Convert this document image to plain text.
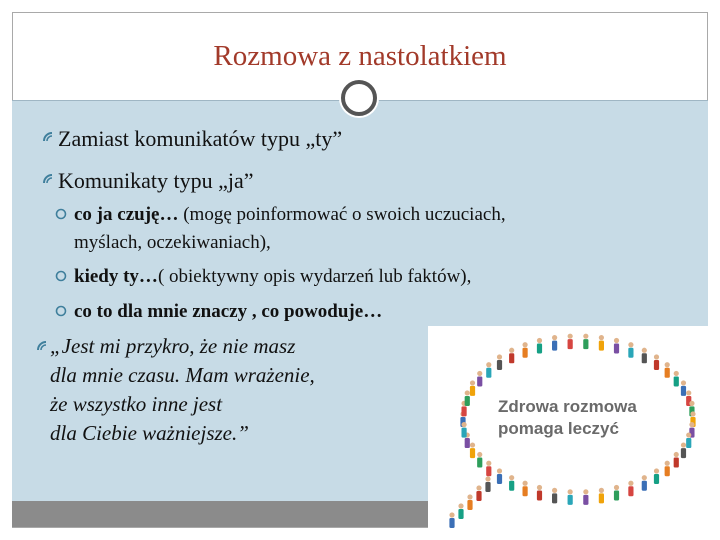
Rozmowa z nastolatkiem
Zamiast komunikatów typu „ty”
Komunikaty typu „ja”
co ja czuję… (mogę poinformować o swoich uczuciach,
myślach, oczekiwaniach),
kiedy ty…( obiektywny opis wydarzeń lub faktów),
co to dla mnie znaczy , co powoduje…
„Jest mi przykro, że nie masz
dla mnie czasu. Mam wrażenie,
że wszystko inne jest
dla Ciebie ważniejsze.”
Zdrowa rozmowa
pomaga leczyć
